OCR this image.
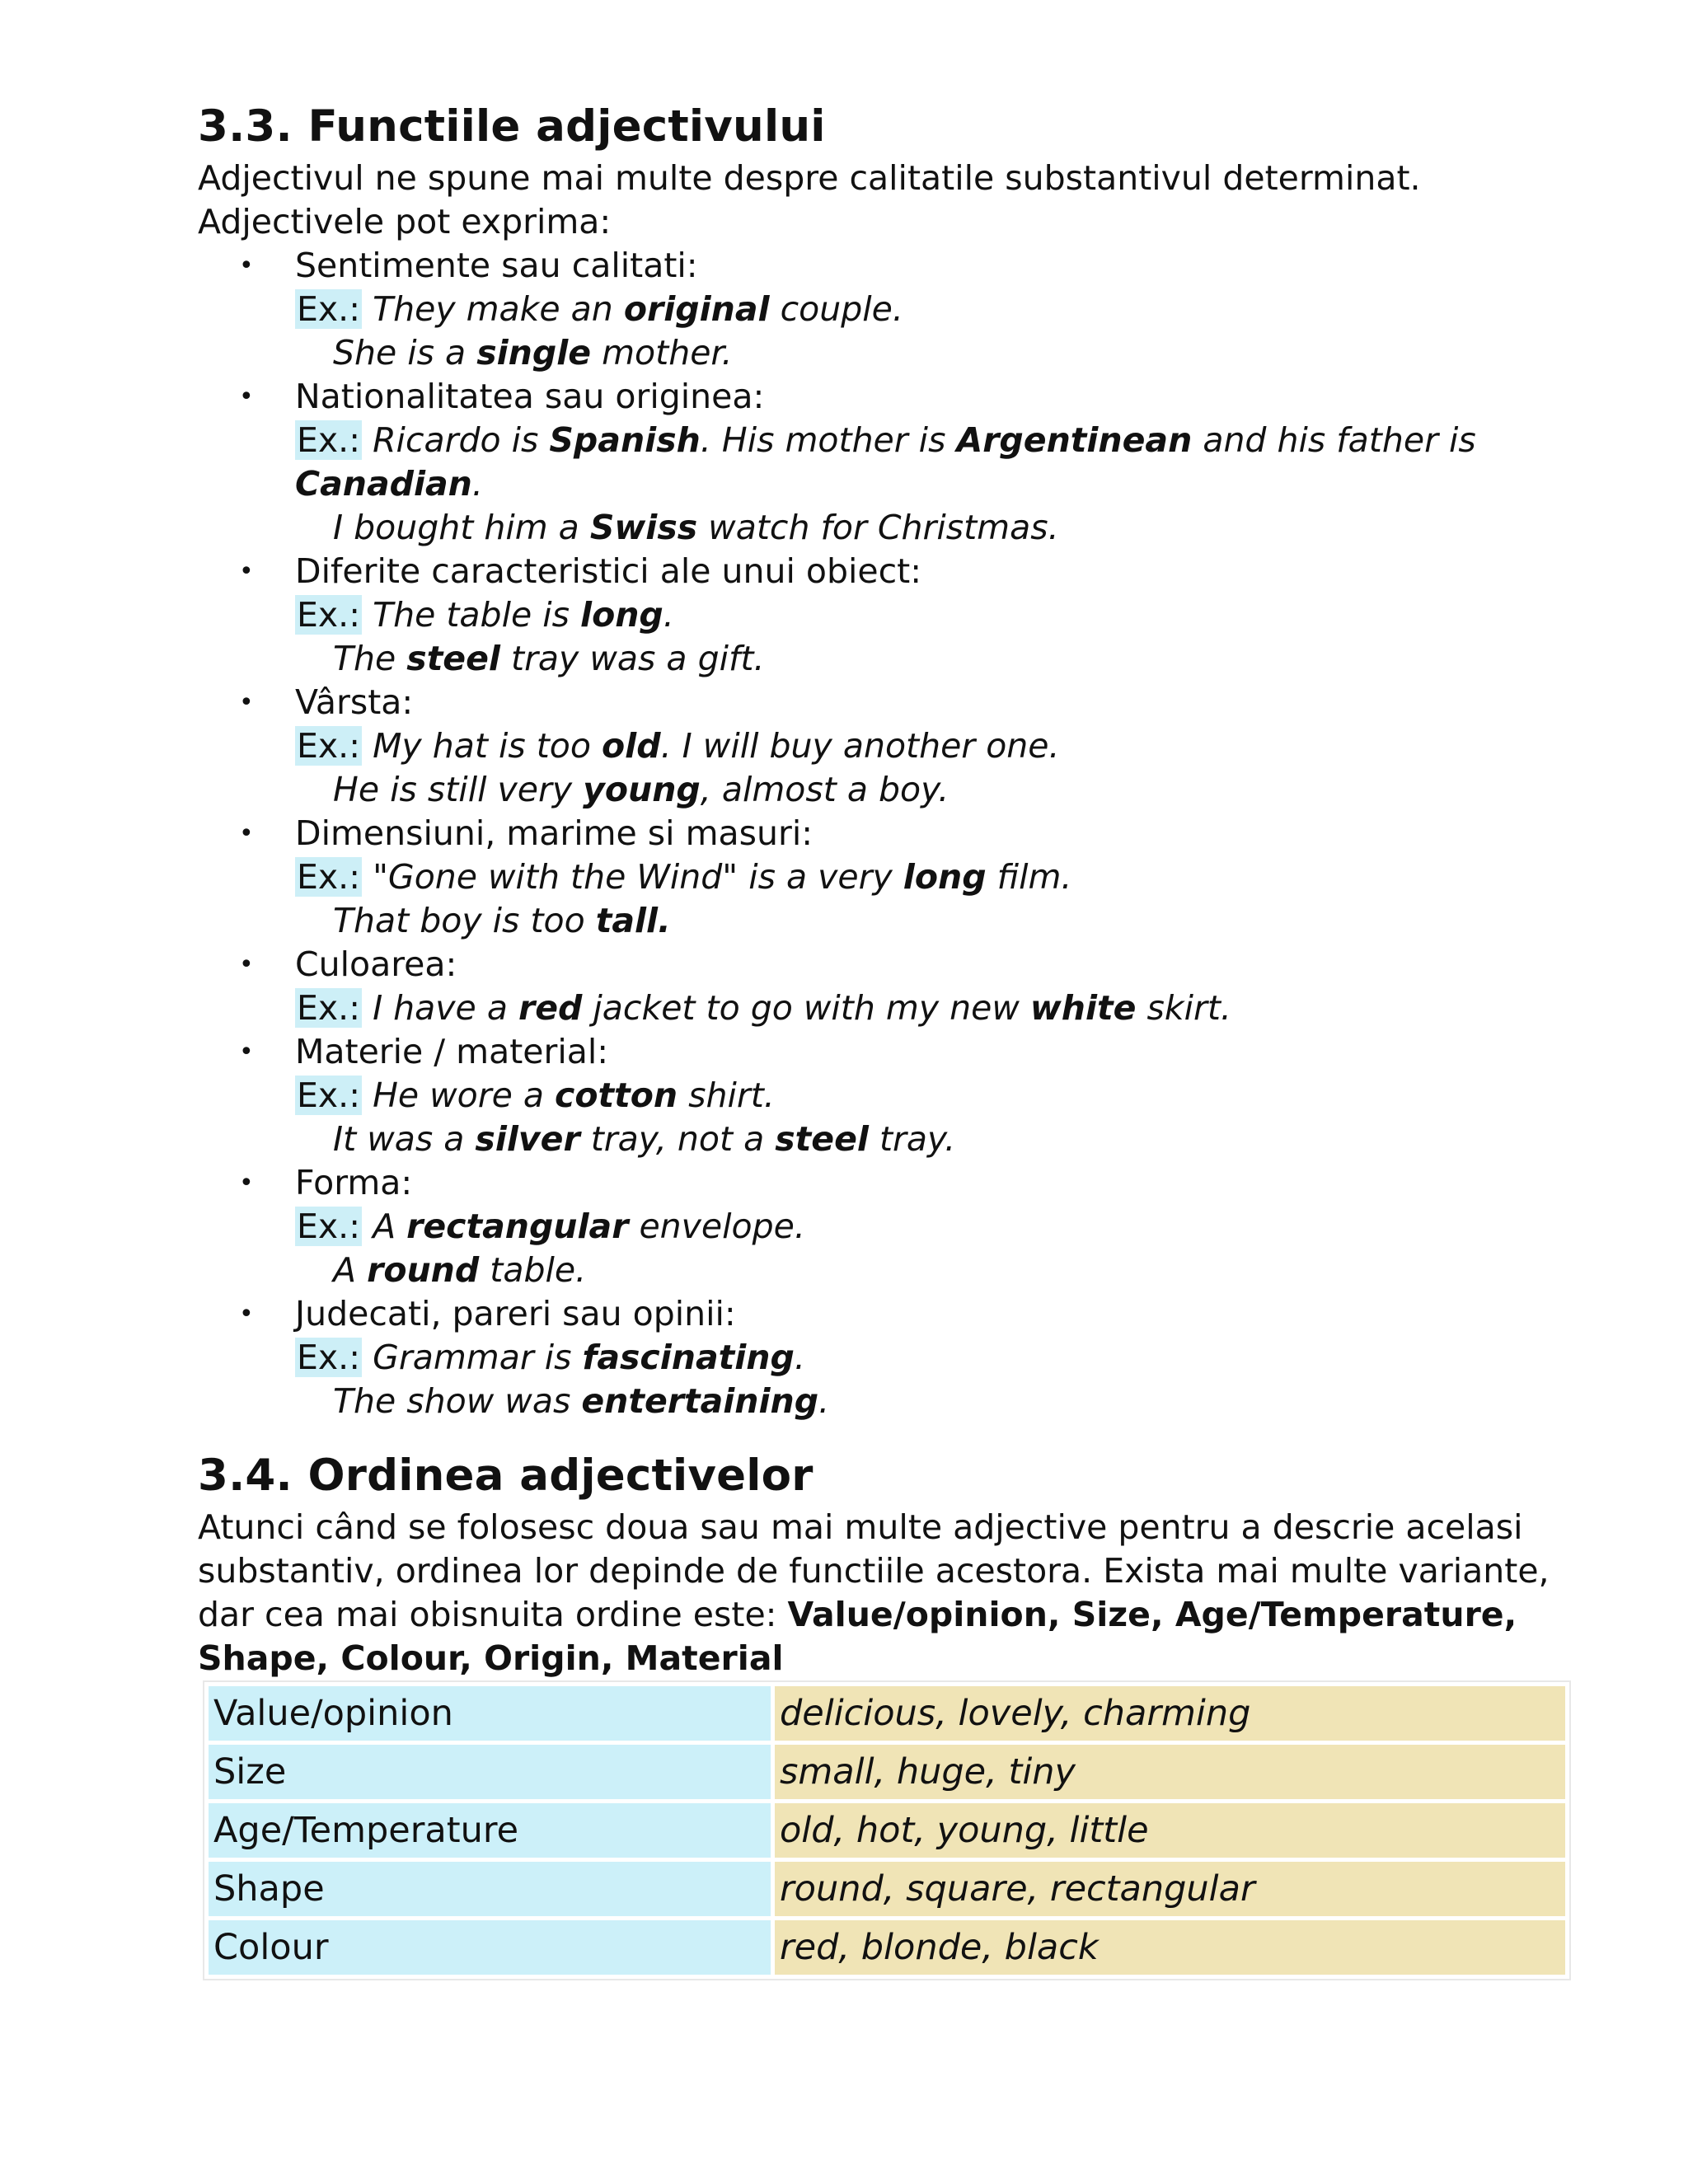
3.3. Functiile adjectivului

Adjectivul ne spune mai multe despre calitatile substantivul determinat. Adjectivele pot exprima:

• Sentimente sau calitati:
Ex.: They make an original couple.
She is a single mother.
• Nationalitatea sau originea:
Ex.: Ricardo is Spanish. His mother is Argentinean and his father is Canadian.
I bought him a Swiss watch for Christmas.
• Diferite caracteristici ale unui obiect:
Ex.: The table is long.
The steel tray was a gift.
• Vârsta:
Ex.: My hat is too old. I will buy another one.
He is still very young, almost a boy.
• Dimensiuni, marime si masuri:
Ex.: "Gone with the Wind" is a very long film.
That boy is too tall.
• Culoarea:
Ex.: I have a red jacket to go with my new white skirt.
• Materie / material:
Ex.: He wore a cotton shirt.
It was a silver tray, not a steel tray.
• Forma:
Ex.: A rectangular envelope.
A round table.
• Judecati, pareri sau opinii:
Ex.: Grammar is fascinating.
The show was entertaining.
3.4. Ordinea adjectivelor

Atunci când se folosesc doua sau mai multe adjective pentru a descrie acelasi substantiv, ordinea lor depinde de functiile acestora. Exista mai multe variante, dar cea mai obisnuita ordine este: Value/opinion, Size, Age/Temperature, Shape, Colour, Origin, Material

Value/opinion	delicious, lovely, charming
Size	small, huge, tiny
Age/Temperature	old, hot, young, little
Shape	round, square, rectangular
Colour	red, blonde, black
